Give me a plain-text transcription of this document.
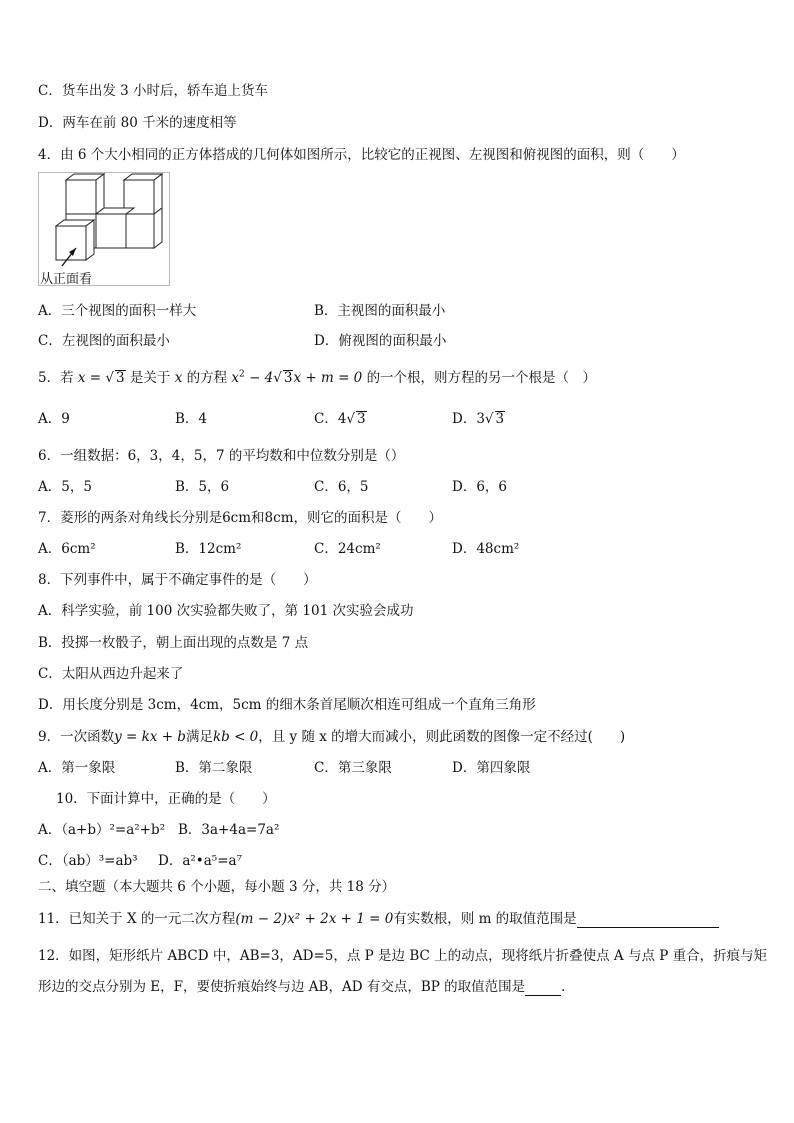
C．货车出发 3 小时后，轿车追上货车
D．两车在前 80 千米的速度相等
4．由 6 个大小相同的正方体搭成的几何体如图所示，比较它的正视图、左视图和俯视图的面积，则（　　）
从正面看
A．三个视图的面积一样大	B．主视图的面积最小
C．左视图的面积最小	D．俯视图的面积最小
5．若 x = √ 3 是关于 x 的方程 $x^2 - 4√$ 3x + m = 0 的一个根，则方程的另一个根是（　）
A．9	B．4	C．4√ 3	D．3√ 3
6．一组数据：6，3，4，5，7 的平均数和中位数分别是（）
A．5，5	B．5，6	C．6，5	D．6，6
7．菱形的两条对角线长分别是6cm和8cm，则它的面积是（　　）
A．6cm²	B．12cm²	C．24cm²	D．48cm²
8．下列事件中，属于不确定事件的是（　　）
A．科学实验，前 100 次实验都失败了，第 101 次实验会成功
B．投掷一枚骰子，朝上面出现的点数是 7 点
C．太阳从西边升起来了
D．用长度分别是 3cm，4cm，5cm 的细木条首尾顺次相连可组成一个直角三角形
9．一次函数y = kx + b满足kb < 0，且 y 随 x 的增大而减小，则此函数的图像一定不经过(　　)
A．第一象限	B．第二象限	C．第三象限	D．第四象限
10．下面计算中，正确的是（　　）
A．（a+b）²=a²+b² B．3a+4a=7a²
C．（ab）³=ab³ D．a²•a⁵=a⁷
二、填空题（本大题共 6 个小题，每小题 3 分，共 18 分）
11．已知关于 X 的一元二次方程(m − 2)x² + 2x + 1 = 0有实数根，则 m 的取值范围是
12．如图，矩形纸片 ABCD 中，AB=3，AD=5，点 P 是边 BC 上的动点，现将纸片折叠使点 A 与点 P 重合，折痕与矩
形边的交点分别为 E，F，要使折痕始终与边 AB，AD 有交点，BP 的取值范围是	．
